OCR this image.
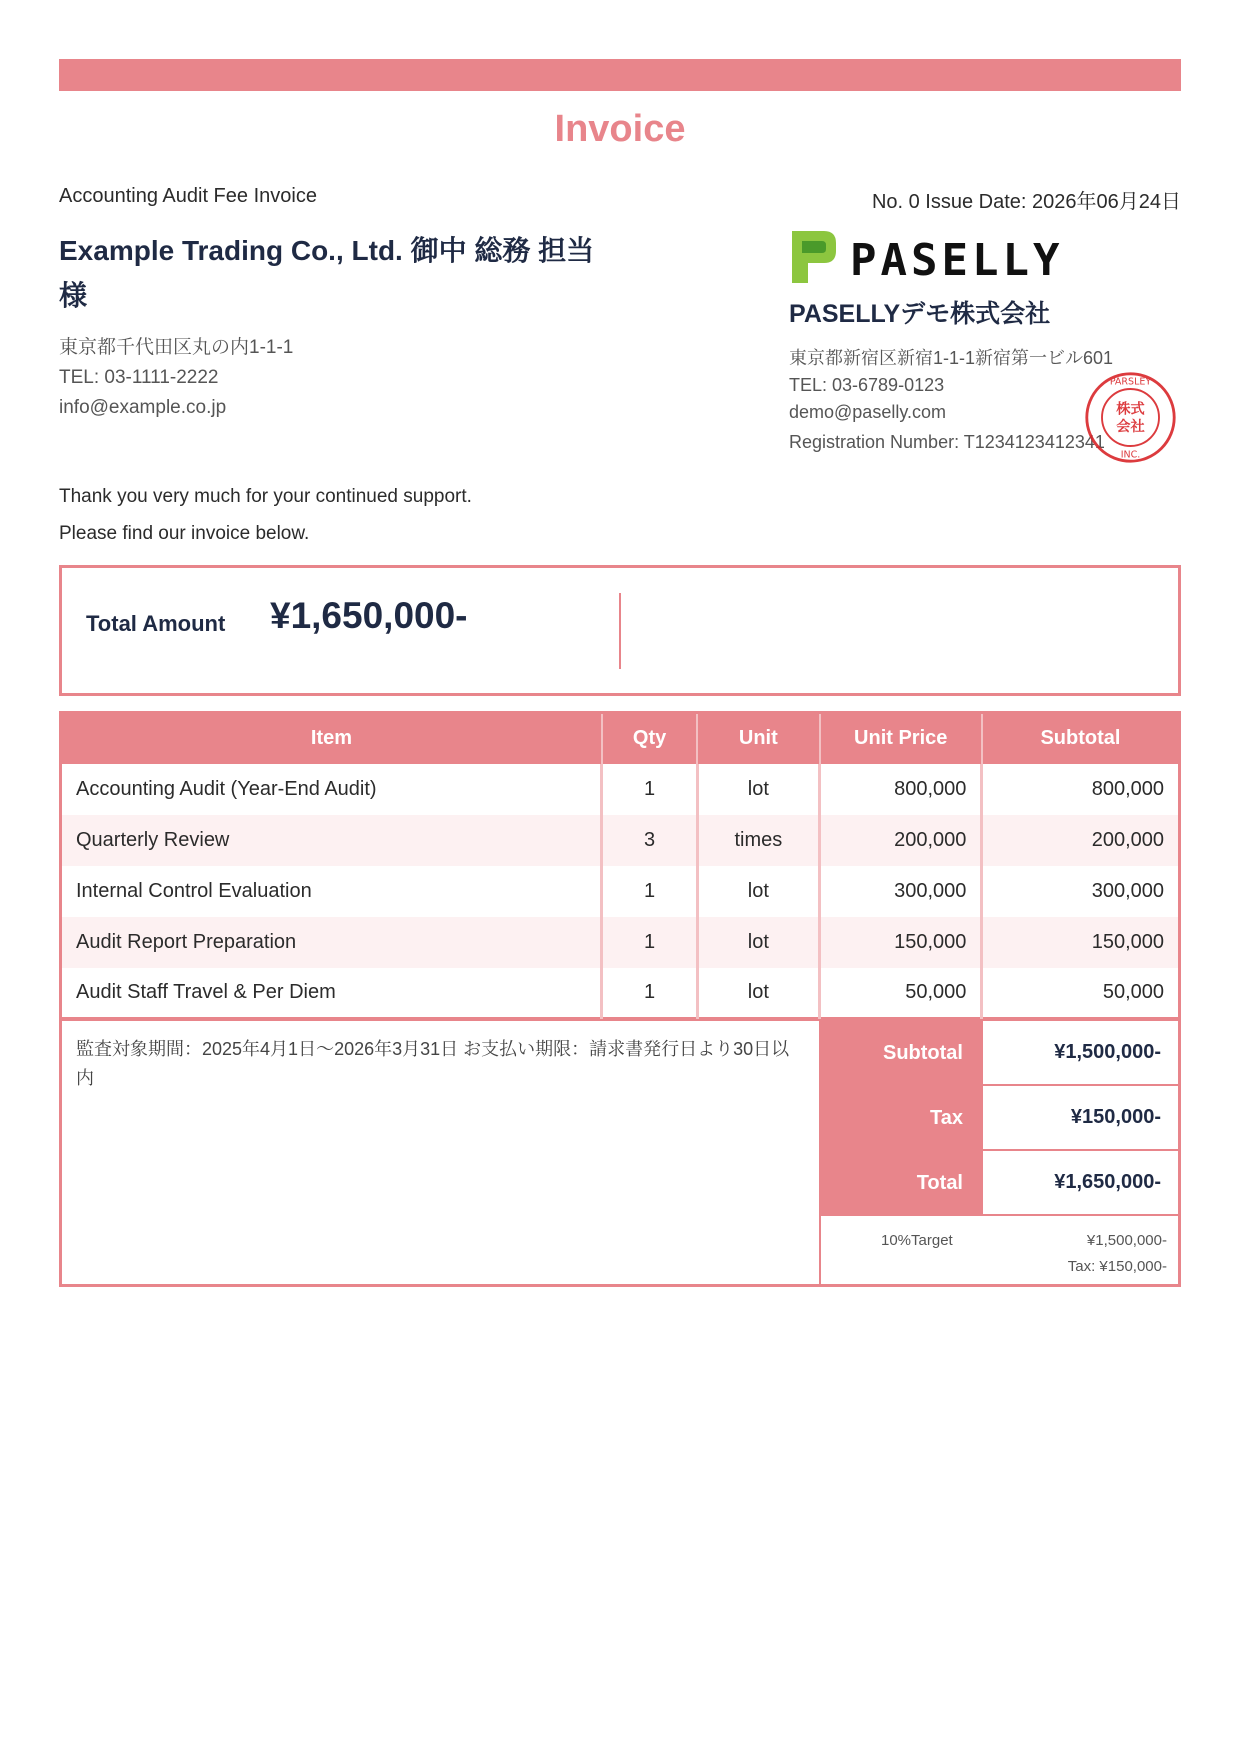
Invoice
Accounting Audit Fee Invoice	No. 0 Issue Date: 2026年06月24日
Example Trading Co., Ltd. 御中 総務 担当 様
東京都千代田区丸の内1-1-1
TEL: 03-1111-2222
info@example.co.jp
PASELLY
PASELLYデモ株式会社
東京都新宿区新宿1-1-1新宿第一ビル601
TEL: 03-6789-0123
demo@paselly.com
Registration Number: T1234123412341
株式
会社
PARSLEY
INC.
Thank you very much for your continued support.
Please find our invoice below.
Total Amount ¥1,650,000-
Item	Qty	Unit	Unit Price	Subtotal
Accounting Audit (Year-End Audit)	1	lot	800,000	800,000
Quarterly Review	3	times	200,000	200,000
Internal Control Evaluation	1	lot	300,000	300,000
Audit Report Preparation	1	lot	150,000	150,000
Audit Staff Travel & Per Diem	1	lot	50,000	50,000
監査対象期間：2025年4月1日〜2026年3月31日 お支払い期限：請求書発行日より30日以内
Subtotal	¥1,500,000-
Tax	¥150,000-
Total	¥1,650,000-
10%Target	¥1,500,000-
Tax: ¥150,000-
